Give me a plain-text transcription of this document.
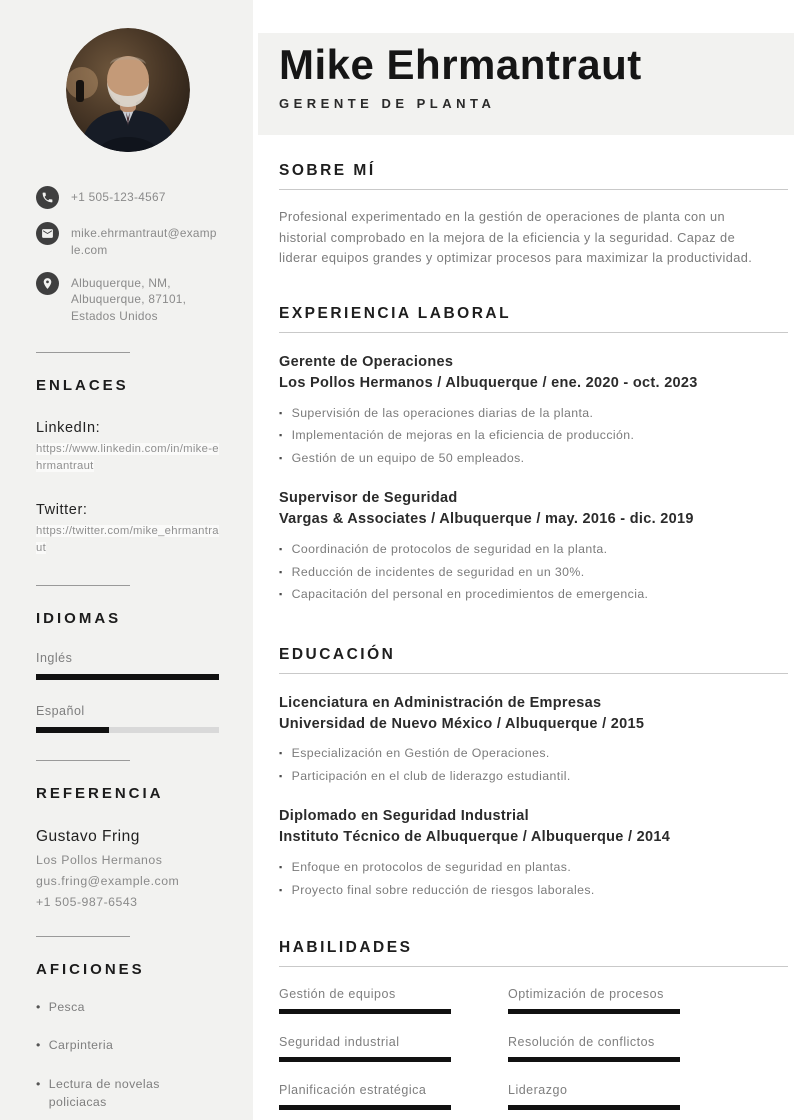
+1 505-123-4567
mike.ehrmantraut@example.com
Albuquerque, NM, Albuquerque, 87101, Estados Unidos
ENLACES
LinkedIn:
https://www.linkedin.com/in/mike-ehrmantraut
Twitter:
https://twitter.com/mike_ehrmantraut
IDIOMAS
Inglés
Español
REFERENCIA
Gustavo Fring
Los Pollos Hermanos
gus.fring@example.com
+1 505-987-6543
AFICIONES
• Pesca
• Carpinteria
• Lectura de novelas policiacas
Mike Ehrmantraut
GERENTE DE PLANTA
SOBRE MÍ

Profesional experimentado en la gestión de operaciones de planta con un historial comprobado en la mejora de la eficiencia y la seguridad. Capaz de liderar equipos grandes y optimizar procesos para maximizar la productividad.

EXPERIENCIA LABORAL
Gerente de Operaciones
Los Pollos Hermanos / Albuquerque / ene. 2020 - oct. 2023
▪ Supervisión de las operaciones diarias de la planta.
▪ Implementación de mejoras en la eficiencia de producción.
▪ Gestión de un equipo de 50 empleados.
Supervisor de Seguridad
Vargas & Associates / Albuquerque / may. 2016 - dic. 2019
▪ Coordinación de protocolos de seguridad en la planta.
▪ Reducción de incidentes de seguridad en un 30%.
▪ Capacitación del personal en procedimientos de emergencia.
EDUCACIÓN
Licenciatura en Administración de Empresas
Universidad de Nuevo México / Albuquerque / 2015
▪ Especialización en Gestión de Operaciones.
▪ Participación en el club de liderazgo estudiantil.
Diplomado en Seguridad Industrial
Instituto Técnico de Albuquerque / Albuquerque / 2014
▪ Enfoque en protocolos de seguridad en plantas.
▪ Proyecto final sobre reducción de riesgos laborales.
HABILIDADES
Gestión de equipos	Optimización de procesos
Seguridad industrial	Resolución de conflictos
Planificación estratégica	Liderazgo
